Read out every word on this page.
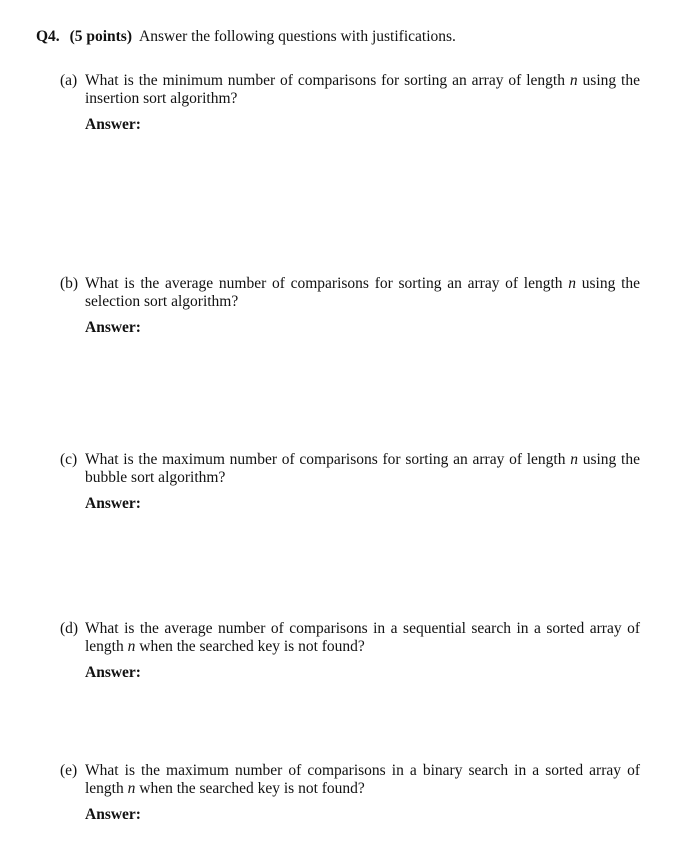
Q4. (5 points) Answer the following questions with justifications.
(a) What is the minimum number of comparisons for sorting an array of length n using the insertion sort algorithm?
Answer:
(b) What is the average number of comparisons for sorting an array of length n using the selection sort algorithm?
Answer:
(c) What is the maximum number of comparisons for sorting an array of length n using the bubble sort algorithm?
Answer:
(d) What is the average number of comparisons in a sequential search in a sorted array of length n when the searched key is not found?
Answer:
(e) What is the maximum number of comparisons in a binary search in a sorted array of length n when the searched key is not found?
Answer:
